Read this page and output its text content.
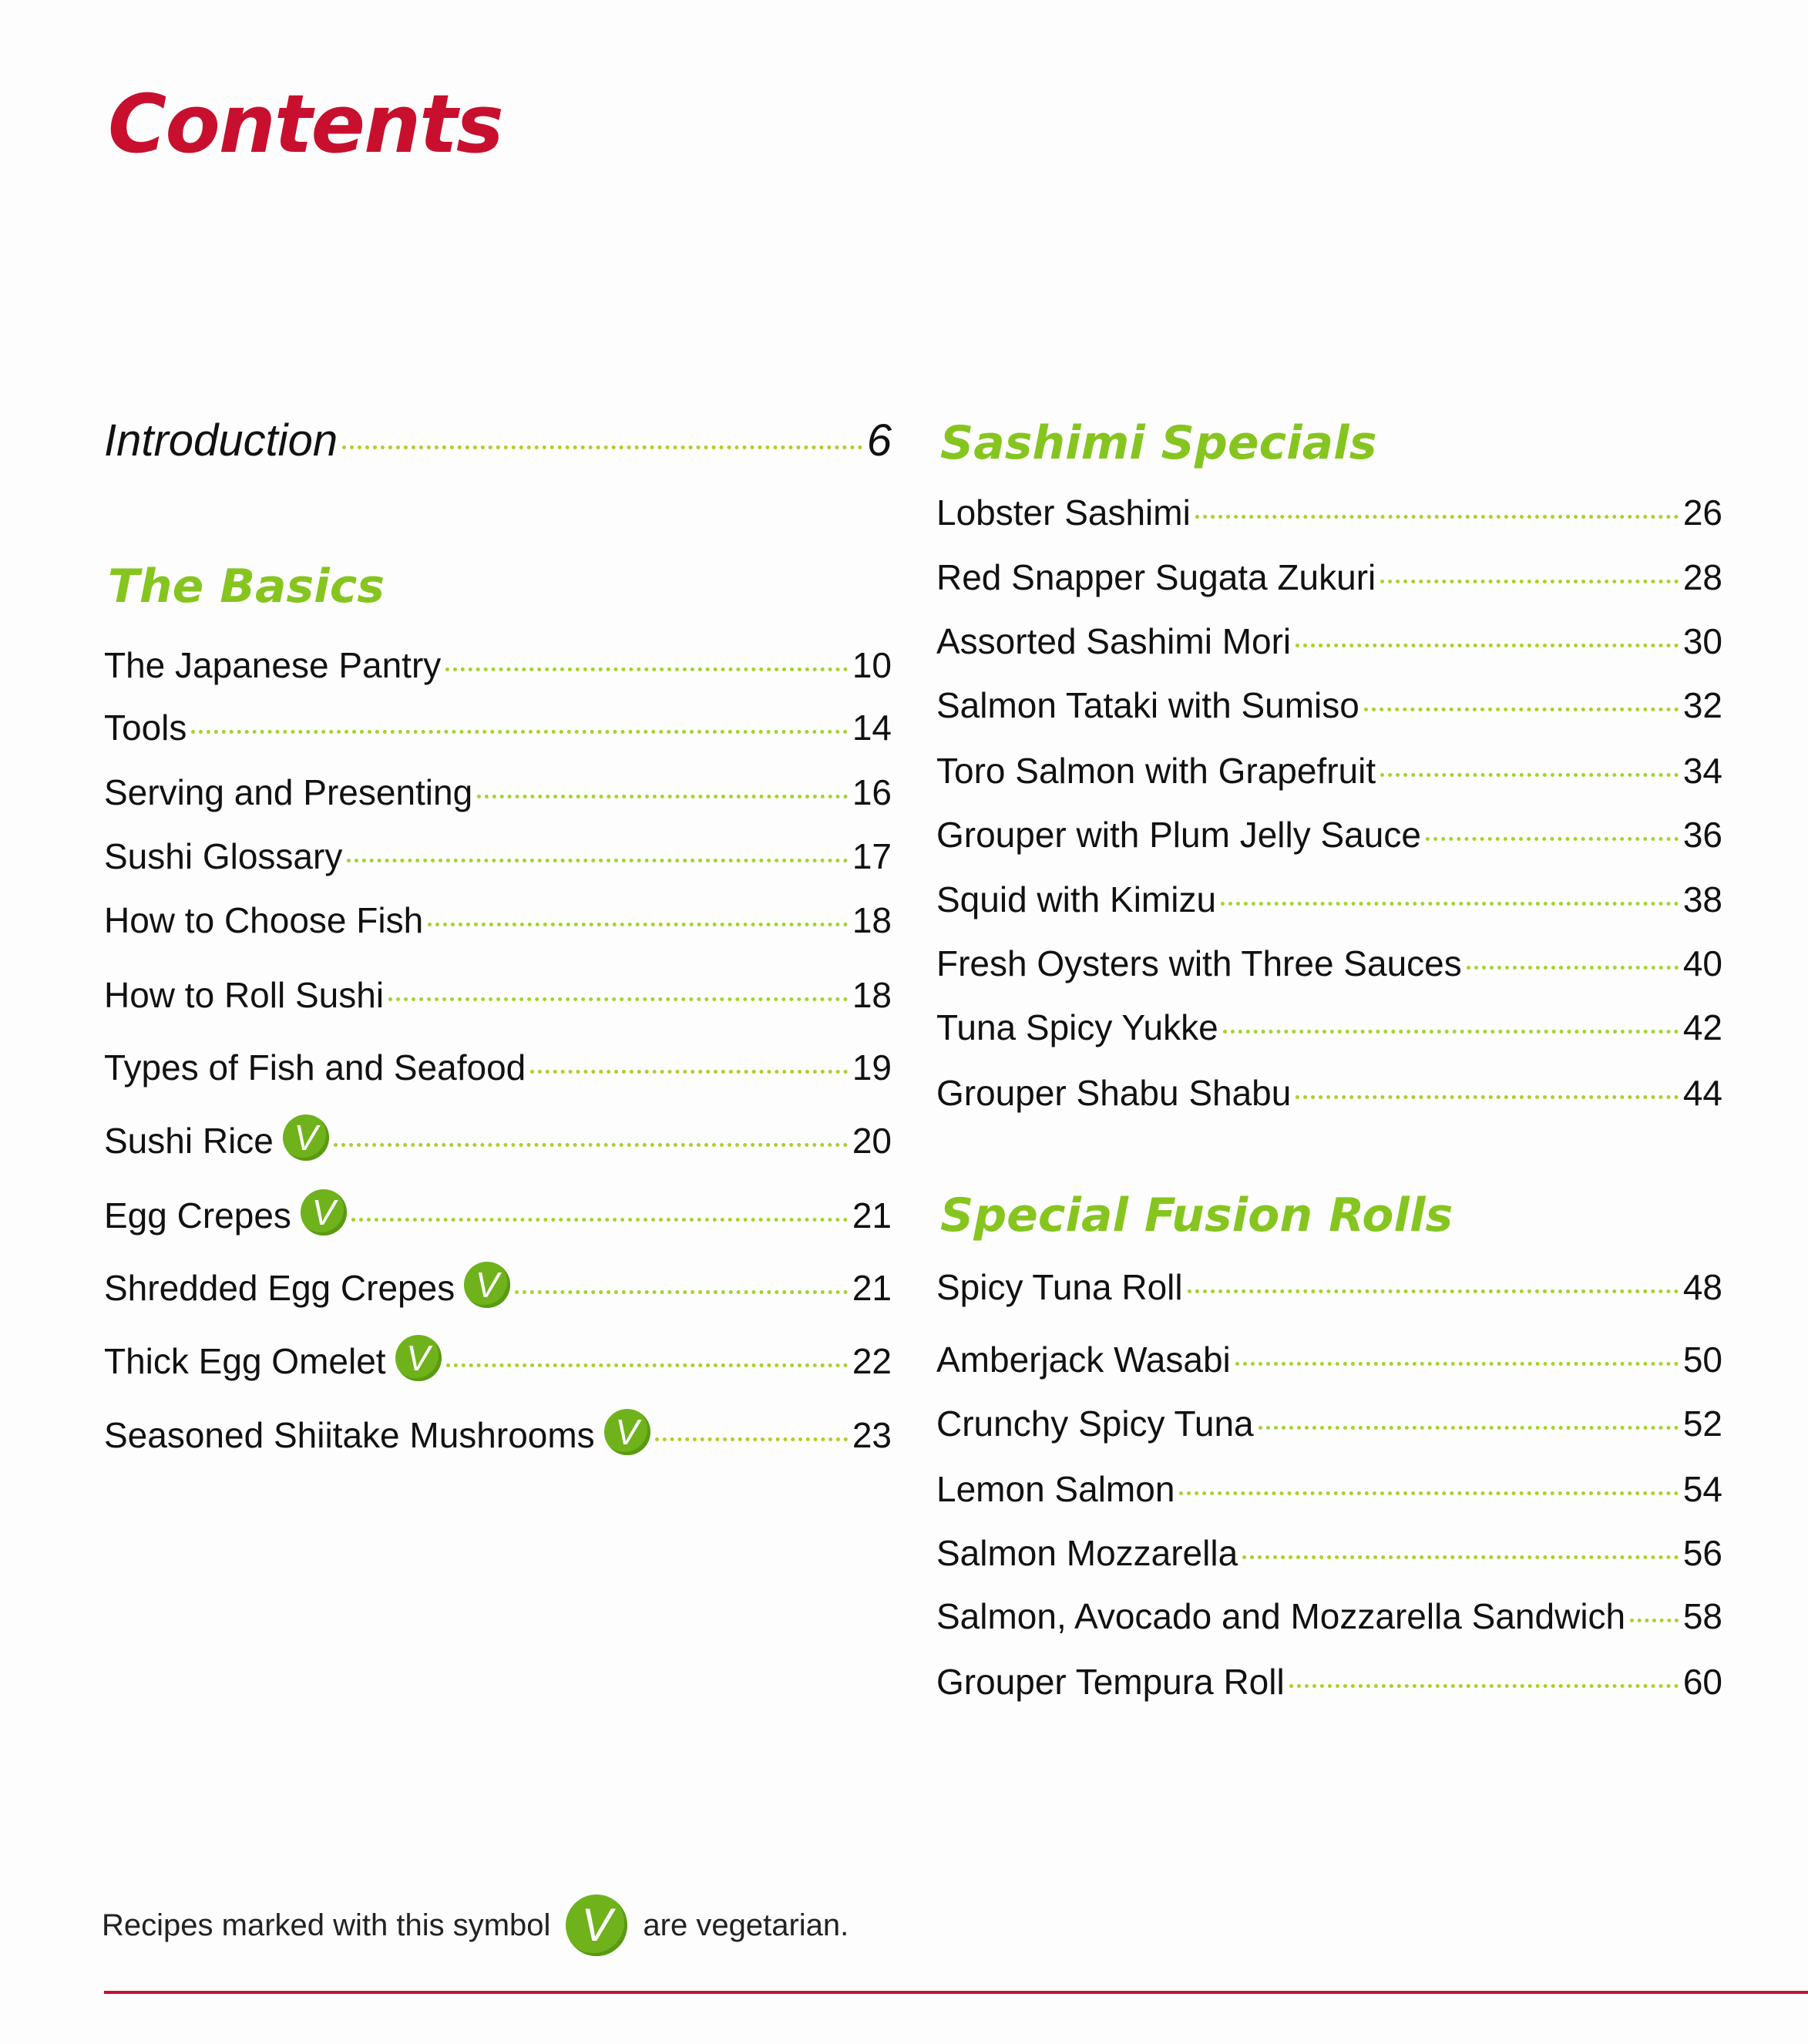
Contents
Introduction	6
The Basics
The Japanese Pantry	10
Tools	14
Serving and Presenting	16
Sushi Glossary	17
How to Choose Fish	18
How to Roll Sushi	18
Types of Fish and Seafood	19
Sushi Rice V	20
Egg Crepes V	21
Shredded Egg Crepes V	21
Thick Egg Omelet V	22
Seasoned Shiitake Mushrooms V	23
Sashimi Specials
Lobster Sashimi	26
Red Snapper Sugata Zukuri	28
Assorted Sashimi Mori	30
Salmon Tataki with Sumiso	32
Toro Salmon with Grapefruit	34
Grouper with Plum Jelly Sauce	36
Squid with Kimizu	38
Fresh Oysters with Three Sauces	40
Tuna Spicy Yukke	42
Grouper Shabu Shabu	44
Special Fusion Rolls
Spicy Tuna Roll	48
Amberjack Wasabi	50
Crunchy Spicy Tuna	52
Lemon Salmon	54
Salmon Mozzarella	56
Salmon, Avocado and Mozzarella Sandwich 58
Grouper Tempura Roll	60
Recipes marked with this symbol V are vegetarian.
